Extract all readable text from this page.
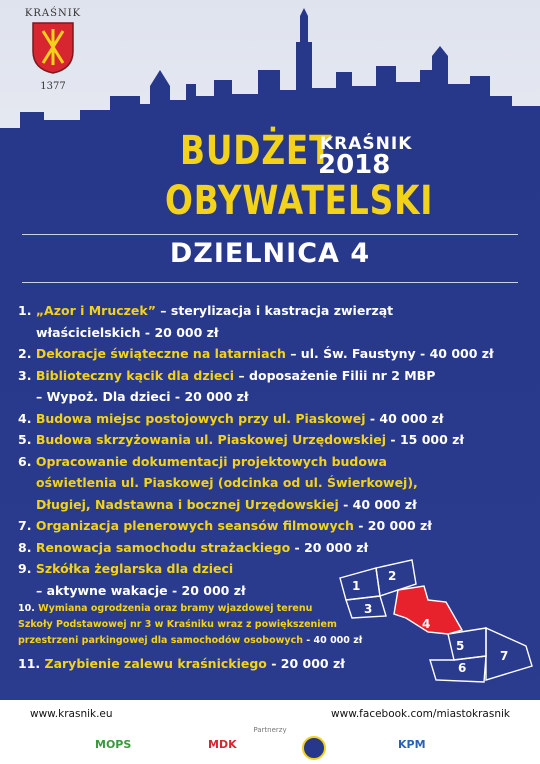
KRAŚNIK
1377
BUDŻET
KRAŚNIK
2018
OBYWATELSKI
DZIELNICA 4
1. „Azor i Mruczek” – sterylizacja i kastracja zwierząt
właścicielskich - 20 000 zł
2. Dekoracje świąteczne na latarniach – ul. Św. Faustyny - 40 000 zł
3. Biblioteczny kącik dla dzieci – doposażenie Filii nr 2 MBP
– Wypoż. Dla dzieci - 20 000 zł
4. Budowa miejsc postojowych przy ul. Piaskowej - 40 000 zł
5. Budowa skrzyżowania ul. Piaskowej Urzędowskiej - 15 000 zł
6. Opracowanie dokumentacji projektowych budowa
oświetlenia ul. Piaskowej (odcinka od ul. Świerkowej),
Długiej, Nadstawna i bocznej Urzędowskiej - 40 000 zł
7. Organizacja plenerowych seansów filmowych - 20 000 zł
8. Renowacja samochodu strażackiego - 20 000 zł
9. Szkółka żeglarska dla dzieci
– aktywne wakacje - 20 000 zł
10. Wymiana ogrodzenia oraz bramy wjazdowej terenu
Szkoły Podstawowej nr 3 w Kraśniku wraz z powiększeniem
przestrzeni parkingowej dla samochodów osobowych - 40 000 zł
11. Zarybienie zalewu kraśnickiego - 20 000 zł
1
2
3
4
5
6
7
www.krasnik.eu	www.facebook.com/miastokrasnik
Partnerzy
MOPS	MDK	KPM
